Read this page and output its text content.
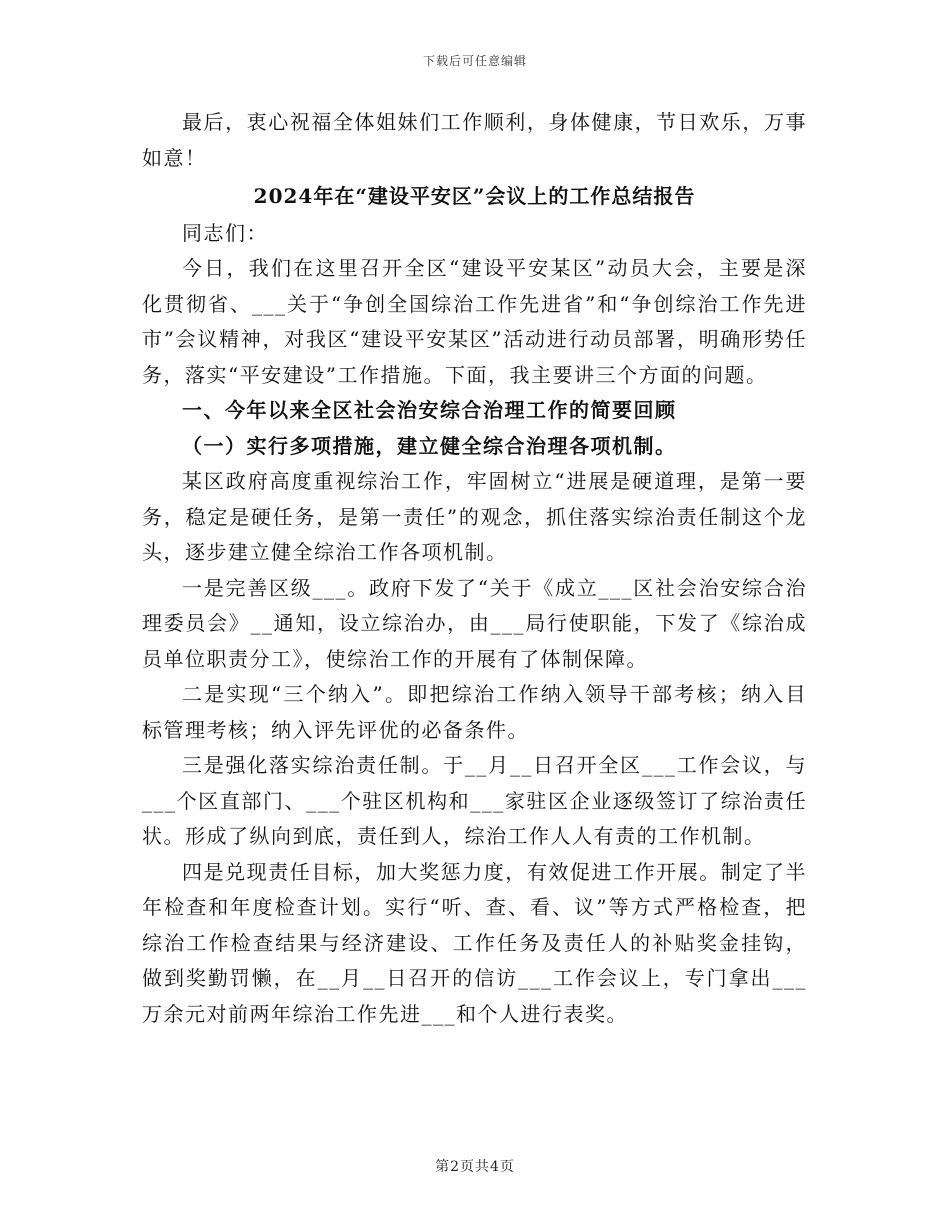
下载后可任意编辑

最后，衷心祝福全体姐妹们工作顺利，身体健康，节日欢乐，万事如意！

2024年在“建设平安区”会议上的工作总结报告

同志们：

今日，我们在这里召开全区“建设平安某区”动员大会，主要是深化贯彻省、___关于“争创全国综治工作先进省”和“争创综治工作先进市”会议精神，对我区“建设平安某区”活动进行动员部署，明确形势任务，落实“平安建设”工作措施。下面，我主要讲三个方面的问题。

一、今年以来全区社会治安综合治理工作的简要回顾

（一）实行多项措施，建立健全综合治理各项机制。

某区政府高度重视综治工作，牢固树立“进展是硬道理，是第一要务，稳定是硬任务，是第一责任”的观念，抓住落实综治责任制这个龙头，逐步建立健全综治工作各项机制。

一是完善区级___。政府下发了“关于《成立___区社会治安综合治理委员会》__通知，设立综治办，由___局行使职能，下发了《综治成员单位职责分工》，使综治工作的开展有了体制保障。

二是实现“三个纳入”。即把综治工作纳入领导干部考核；纳入目标管理考核；纳入评先评优的必备条件。

三是强化落实综治责任制。于__月__日召开全区___工作会议，与___个区直部门、___个驻区机构和___家驻区企业逐级签订了综治责任状。形成了纵向到底，责任到人，综治工作人人有责的工作机制。

四是兑现责任目标，加大奖惩力度，有效促进工作开展。制定了半年检查和年度检查计划。实行“听、查、看、议”等方式严格检查，把综治工作检查结果与经济建设、工作任务及责任人的补贴奖金挂钩，做到奖勤罚懒，在__月__日召开的信访___工作会议上，专门拿出___万余元对前两年综治工作先进___和个人进行表奖。

第2页共4页
